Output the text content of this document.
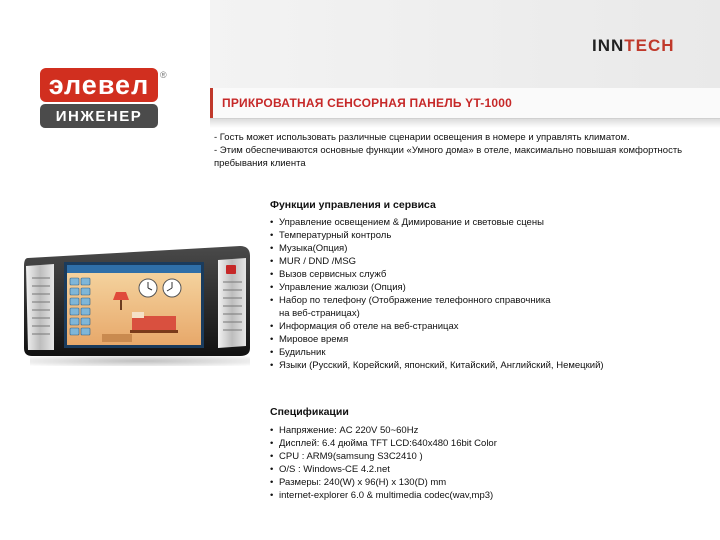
INNTECH
ПРИКРОВАТНАЯ СЕНСОРНАЯ ПАНЕЛЬ YT-1000
элевел
ИНЖЕНЕР
®

- Гость может использовать различные сценарии освещения в номере и управлять климатом.

- Этим обеспечиваются основные функции «Умного дома» в отеле, максимально повышая комфортность пребывания клиента

Функции управления и сервиса
• Управление освещением & Димирование и световые сцены
• Температурный контроль
• Музыка(Опция)
• MUR / DND /MSG
• Вызов сервисных служб
• Управление жалюзи (Опция)
• Набор по телефону (Отображение телефонного справочника
на веб-страницах)
• Информация об отеле на веб-страницах
• Мировое время
• Будильник
• Языки (Русский, Корейский, японский, Китайский, Английский, Немецкий)
Спецификации
• Напряжение: AC 220V 50~60Hz
• Дисплей: 6.4 дюйма TFT LCD:640x480 16bit Color
• CPU : ARM9(samsung S3C2410 )
• O/S : Windows-CE 4.2.net
• Размеры: 240(W) x 96(H) x 130(D) mm
• internet-explorer 6.0 & multimedia codec(wav,mp3)
